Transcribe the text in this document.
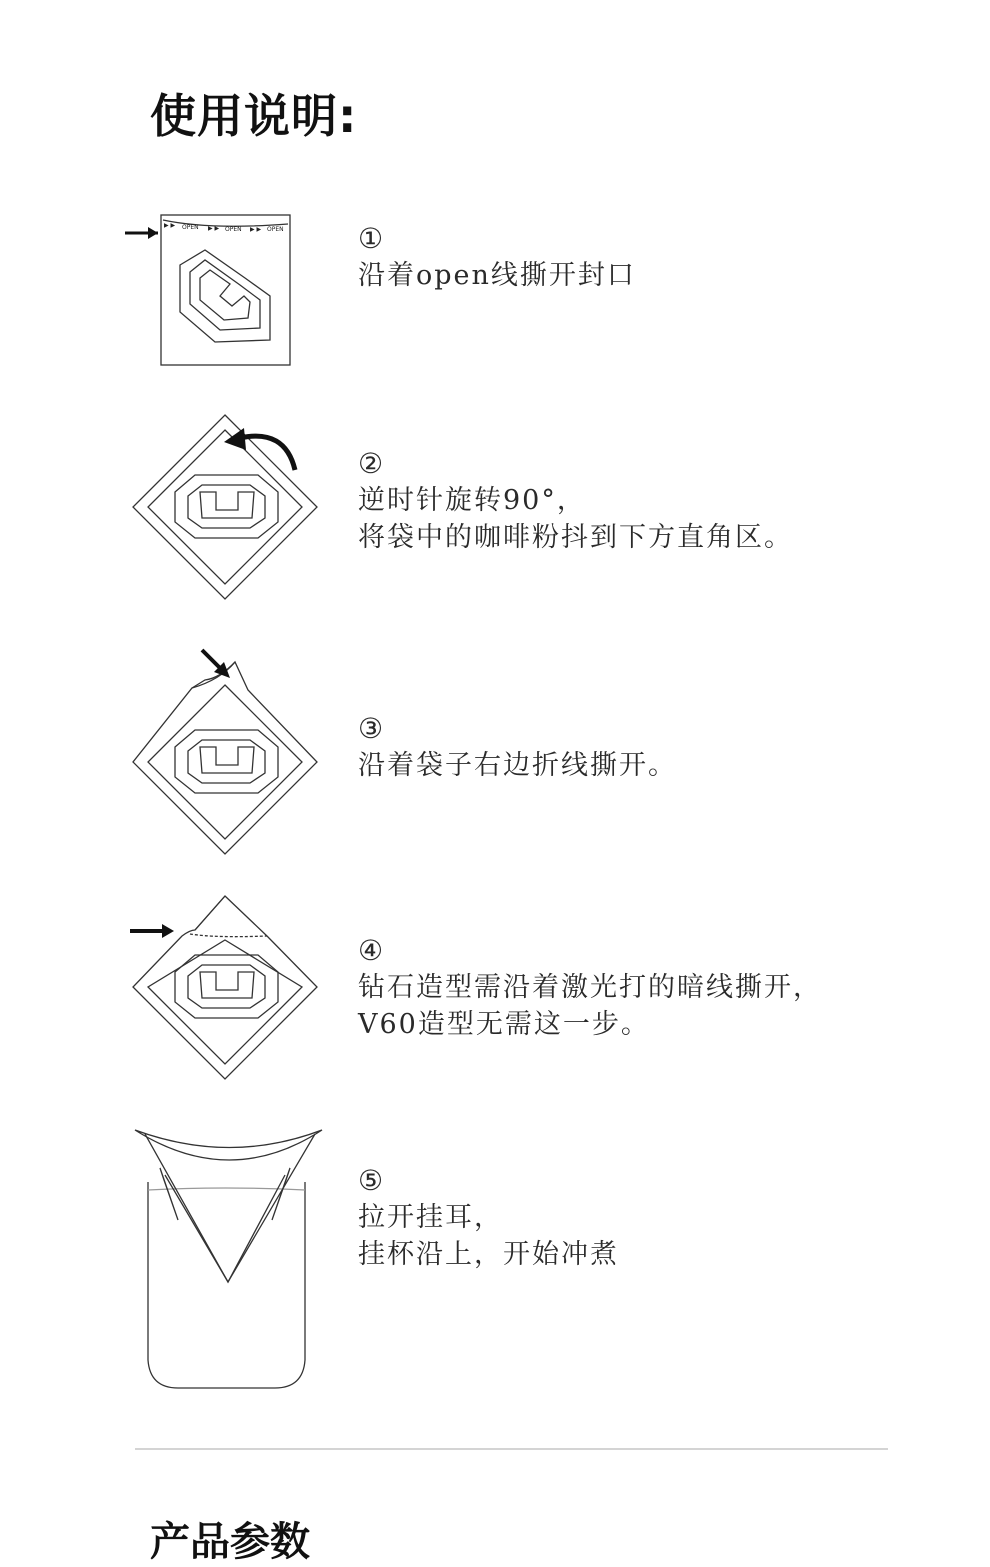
使用说明:
▶ ▶ OPEN ▶ ▶ OPEN ▶ ▶ OPEN	①
沿着open线撕开封口
②
逆时针旋转90°，
将袋中的咖啡粉抖到下方直角区。
③
沿着袋子右边折线撕开。
④
钻石造型需沿着激光打的暗线撕开，
V60造型无需这一步。
⑤
拉开挂耳，
挂杯沿上，开始冲煮
产品参数
